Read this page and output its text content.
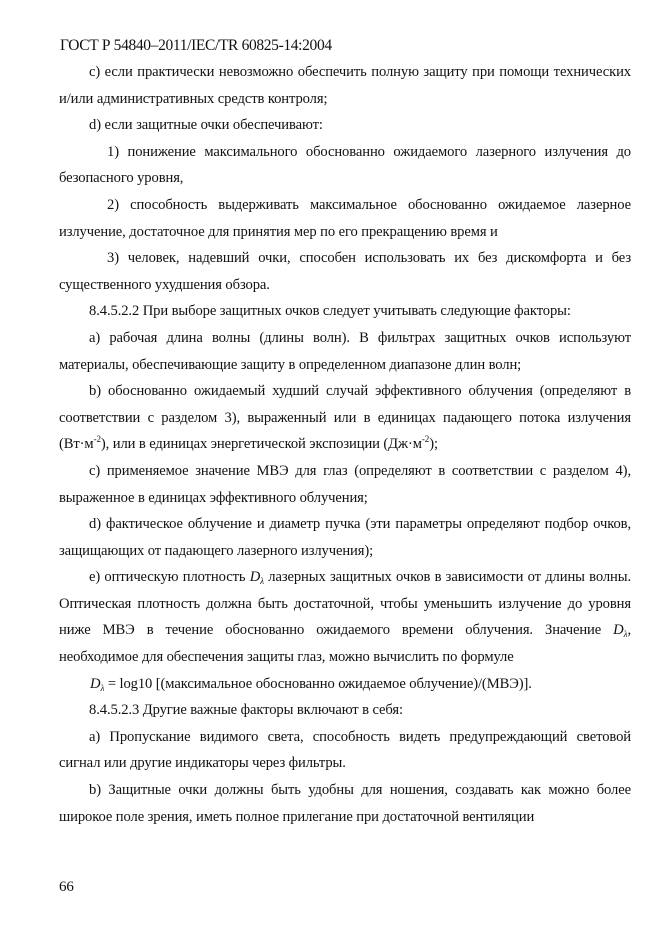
ГОСТ Р 54840–2011/IEC/TR 60825-14:2004

c) если практически невозможно обеспечить полную защиту при помощи технических и/или административных средств контроля;

d) если защитные очки обеспечивают:

1) понижение максимального обоснованно ожидаемого лазерного излучения до безопасного уровня,

2) способность выдерживать максимальное обоснованно ожидаемое лазерное излучение, достаточное для принятия мер по его прекращению время и

3) человек, надевший очки, способен использовать их без дискомфорта и без существенного ухудшения обзора.

8.4.5.2.2 При выборе защитных очков следует учитывать следующие факторы:

a) рабочая длина волны (длины волн). В фильтрах защитных очков используют материалы, обеспечивающие защиту в определенном диапазоне длин волн;

b) обоснованно ожидаемый худший случай эффективного облучения (определяют в соответствии с разделом 3), выраженный или в единицах падающего потока излучения $(Вт\cdot м^{-2})$, или в единицах энергетической экспозиции $(Дж\cdot м^{-2})$;

c) применяемое значение МВЭ для глаз (определяют в соответствии с разделом 4), выраженное в единицах эффективного облучения;

d) фактическое облучение и диаметр пучка (эти параметры определяют подбор очков, защищающих от падающего лазерного излучения);

e) оптическую плотность $D_\lambda$ лазерных защитных очков в зависимости от длины волны. Оптическая плотность должна быть достаточной, чтобы уменьшить излучение до уровня ниже МВЭ в течение обоснованно ожидаемого времени облучения. Значение $D_\lambda$, необходимое для обеспечения защиты глаз, можно вычислить по формуле

$D_\lambda = \log 10$ [(максимальное обоснованно ожидаемое облучение)/(МВЭ)].

8.4.5.2.3 Другие важные факторы включают в себя:

a) Пропускание видимого света, способность видеть предупреждающий световой сигнал или другие индикаторы через фильтры.

b) Защитные очки должны быть удобны для ношения, создавать как можно более широкое поле зрения, иметь полное прилегание при достаточной вентиляции

66
